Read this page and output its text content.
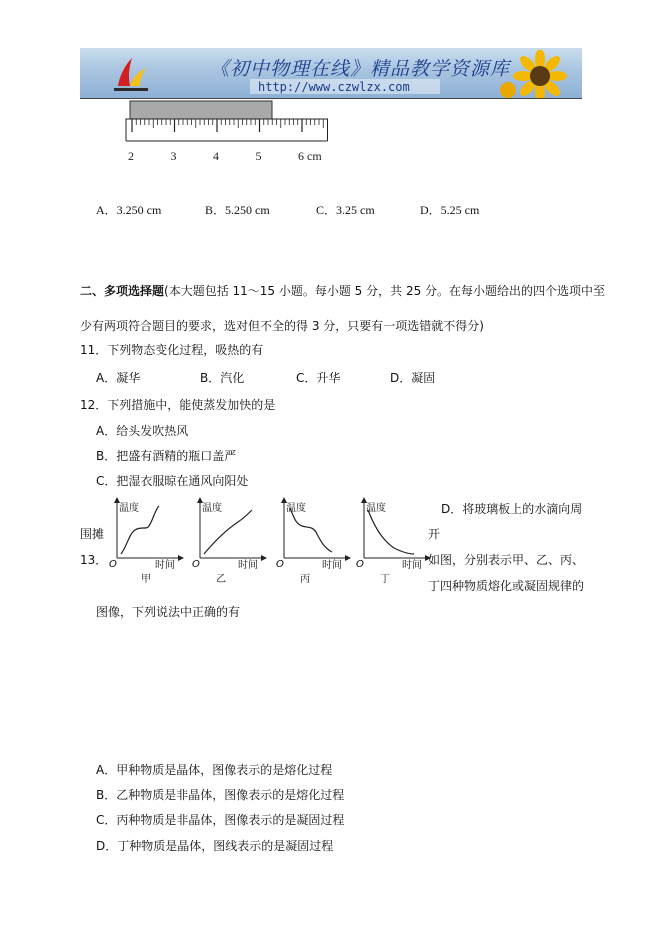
《初中物理在线》精品教学资源库
http://www.czwlzx.com
2	3	4	5	6 cm
A．3.250 cm	B．5.250 cm	C．3.25 cm	D．5.25 cm
二、多项选择题(本大题包括 11～15 小题。每小题 5 分，共 25 分。在每小题给出的四个选项中至
少有两项符合题目的要求，选对但不全的得 3 分，只要有一项选错就不得分)
11．下列物态变化过程，吸热的有
A．凝华	B．汽化	C．升华	D．凝固
12．下列措施中，能使蒸发加快的是
A．给头发吹热风
B．把盛有酒精的瓶口盖严
C．把湿衣服晾在通风向阳处
D．将玻璃板上的水滴向周
围摊	开
13．	如图，分别表示甲、乙、丙、
丁四种物质熔化或凝固规律的
图像，下列说法中正确的有
温度
O	时间
甲
温度
O	时间
乙
温度
O	时间
丙
温度
O	时间
丁
A．甲种物质是晶体，图像表示的是熔化过程
B．乙种物质是非晶体，图像表示的是熔化过程
C．丙种物质是非晶体，图像表示的是凝固过程
D．丁种物质是晶体，图线表示的是凝固过程
